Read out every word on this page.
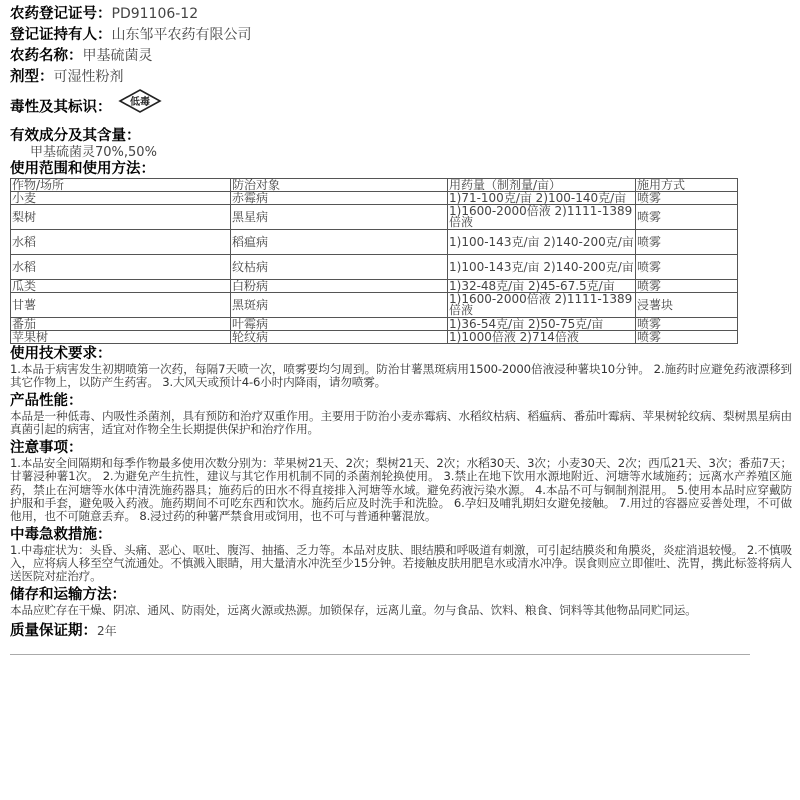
农药登记证号：PD91106-12
登记证持有人：山东邹平农药有限公司
农药名称：甲基硫菌灵
剂型：可湿性粉剂
毒性及其标识： 低毒
有效成分及其含量：
甲基硫菌灵70%,50%
使用范围和使用方法：
作物/场所	防治对象	用药量（制剂量/亩）	施用方式
小麦	赤霉病	1)71-100克/亩 2)100-140克/亩	喷雾
梨树	黑星病	1)1600-2000倍液 2)1111-1389倍液	喷雾
水稻	稻瘟病	1)100-143克/亩 2)140-200克/亩	喷雾
水稻	纹枯病	1)100-143克/亩 2)140-200克/亩	喷雾
瓜类	白粉病	1)32-48克/亩 2)45-67.5克/亩	喷雾
甘薯	黑斑病	1)1600-2000倍液 2)1111-1389倍液	浸薯块
番茄	叶霉病	1)36-54克/亩 2)50-75克/亩	喷雾
苹果树	轮纹病	1)1000倍液 2)714倍液	喷雾
使用技术要求：
1.本品于病害发生初期喷第一次药，每隔7天喷一次，喷雾要均匀周到。防治甘薯黑斑病用1500-2000倍液浸种薯块10分钟。 2.施药时应避免药液漂移到其它作物上，以防产生药害。 3.大风天或预计4-6小时内降雨，请勿喷雾。
产品性能：
本品是一种低毒、内吸性杀菌剂，具有预防和治疗双重作用。主要用于防治小麦赤霉病、水稻纹枯病、稻瘟病、番茄叶霉病、苹果树轮纹病、梨树黑星病由真菌引起的病害，适宜对作物全生长期提供保护和治疗作用。
注意事项：
1.本品安全间隔期和每季作物最多使用次数分别为：苹果树21天、2次；梨树21天、2次；水稻30天、3次；小麦30天、2次；西瓜21天、3次；番茄7天；甘薯浸种薯1次。 2.为避免产生抗性，建议与其它作用机制不同的杀菌剂轮换使用。 3.禁止在地下饮用水源地附近、河塘等水域施药；远离水产养殖区施药，禁止在河塘等水体中清洗施药器具；施药后的田水不得直接排入河塘等水域。避免药液污染水源。 4.本品不可与铜制剂混用。 5.使用本品时应穿戴防护服和手套，避免吸入药液。施药期间不可吃东西和饮水。施药后应及时洗手和洗脸。 6.孕妇及哺乳期妇女避免接触。 7.用过的容器应妥善处理，不可做他用，也不可随意丢弃。 8.浸过药的种薯严禁食用或饲用，也不可与普通种薯混放。
中毒急救措施：
1.中毒症状为：头昏、头痛、恶心、呕吐、腹泻、抽搐、乏力等。本品对皮肤、眼结膜和呼吸道有刺激，可引起结膜炎和角膜炎，炎症消退较慢。 2.不慎吸入，应将病人移至空气流通处。不慎溅入眼睛，用大量清水冲洗至少15分钟。若接触皮肤用肥皂水或清水冲净。误食则应立即催吐、洗胃，携此标签将病人送医院对症治疗。
储存和运输方法：
本品应贮存在干燥、阴凉、通风、防雨处，远离火源或热源。加锁保存，远离儿童。勿与食品、饮料、粮食、饲料等其他物品同贮同运。
质量保证期：2年
